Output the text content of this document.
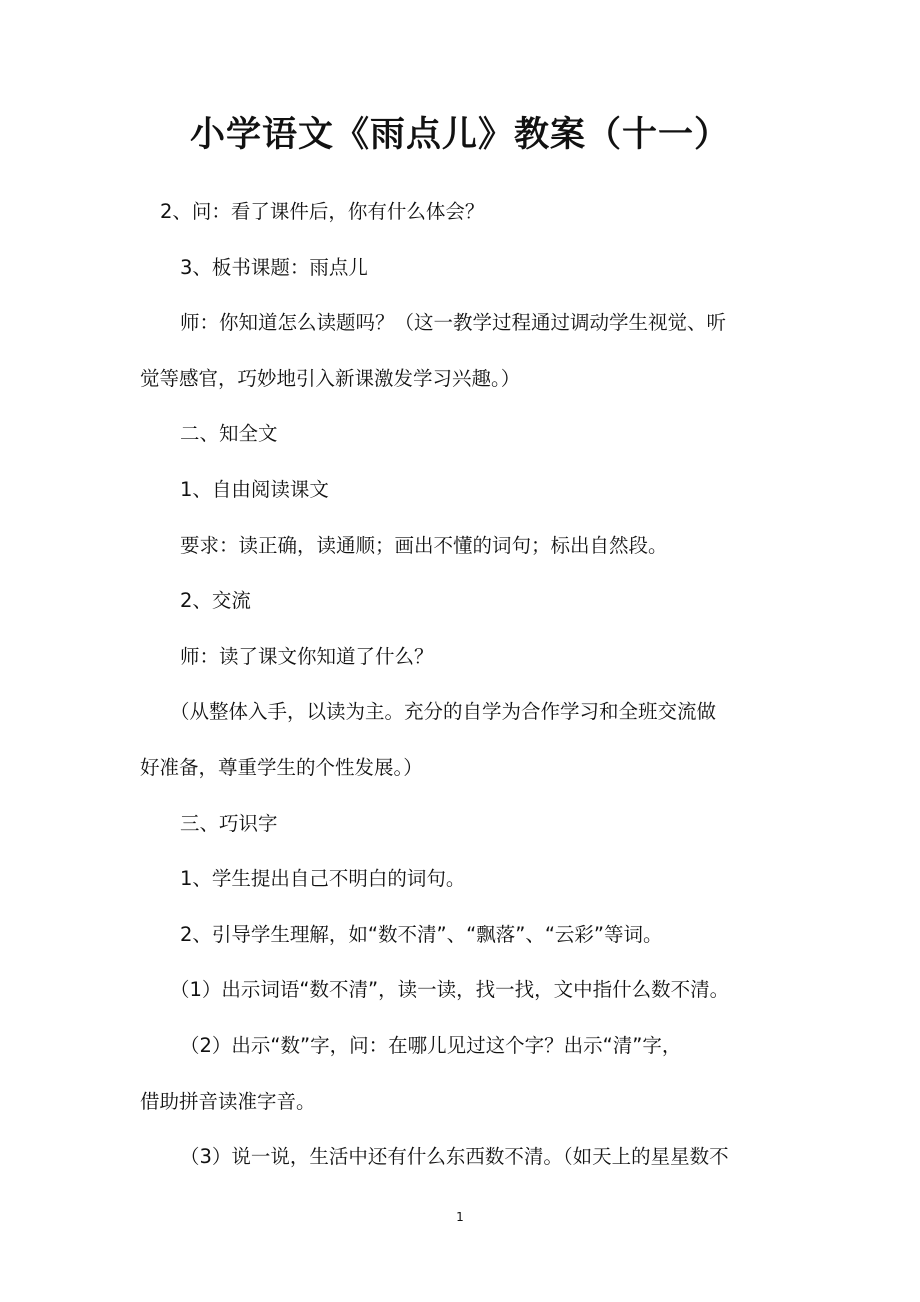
小学语文《雨点儿》教案（十一）
2、问：看了课件后，你有什么体会？
3、板书课题：雨点儿
师：你知道怎么读题吗？（这一教学过程通过调动学生视觉、听
觉等感官，巧妙地引入新课激发学习兴趣。）
二、知全文
1、自由阅读课文
要求：读正确，读通顺；画出不懂的词句；标出自然段。
2、交流
师：读了课文你知道了什么？
（从整体入手，以读为主。充分的自学为合作学习和全班交流做
好准备，尊重学生的个性发展。）
三、巧识字
1、学生提出自己不明白的词句。
2、引导学生理解，如“数不清”、“飘落”、“云彩”等词。
（1）出示词语“数不清”，读一读，找一找，文中指什么数不清。
（2）出示“数”字，问：在哪儿见过这个字？出示“清”字，
借助拼音读准字音。
（3）说一说，生活中还有什么东西数不清。（如天上的星星数不
1
